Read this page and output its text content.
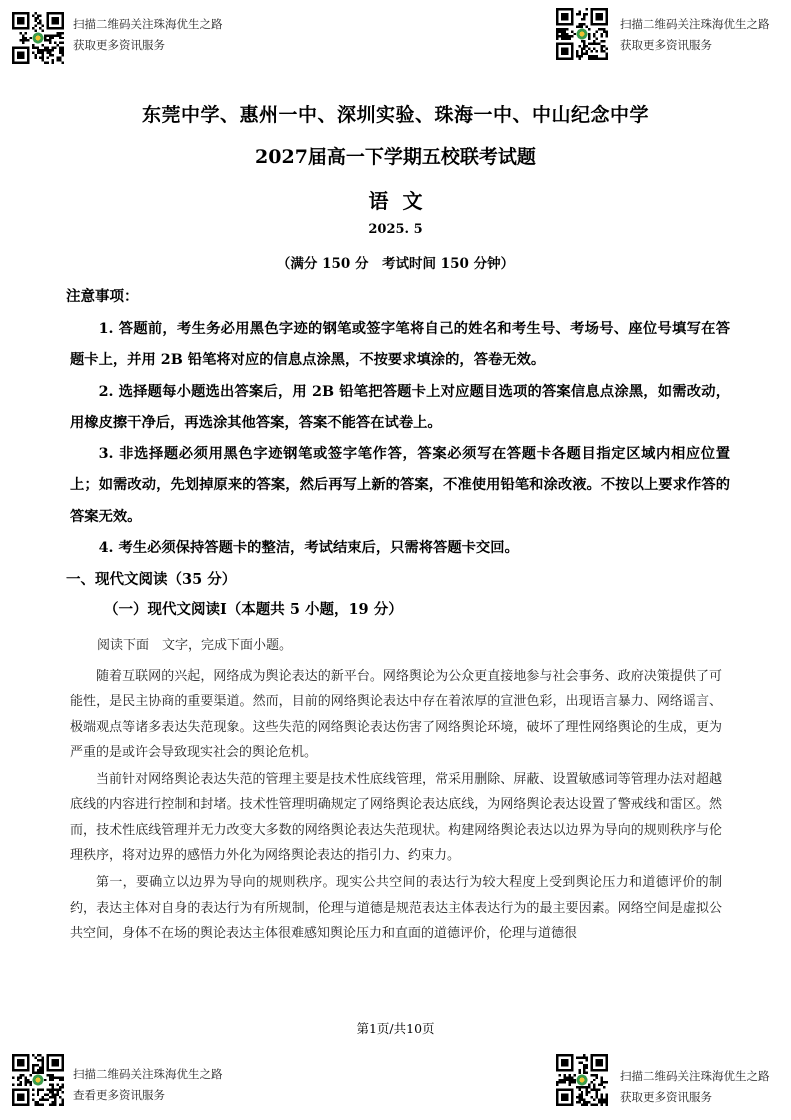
扫描二维码关注珠海优生之路
获取更多资讯服务
扫描二维码关注珠海优生之路
获取更多资讯服务
扫描二维码关注珠海优生之路
查看更多资讯服务
扫描二维码关注珠海优生之路
获取更多资讯服务
东莞中学、惠州一中、深圳实验、珠海一中、中山纪念中学
2027届高一下学期五校联考试题
语文
2025. 5
（满分 150 分　考试时间 150 分钟）
注意事项：

1. 答题前，考生务必用黑色字迹的钢笔或签字笔将自己的姓名和考生号、考场号、座位号填写在答题卡上，并用 2B 铅笔将对应的信息点涂黑，不按要求填涂的，答卷无效。

2. 选择题每小题选出答案后，用 2B 铅笔把答题卡上对应题目选项的答案信息点涂黑，如需改动，用橡皮擦干净后，再选涂其他答案，答案不能答在试卷上。

3. 非选择题必须用黑色字迹钢笔或签字笔作答，答案必须写在答题卡各题目指定区域内相应位置上；如需改动，先划掉原来的答案，然后再写上新的答案，不准使用铅笔和涂改液。不按以上要求作答的答案无效。

4. 考生必须保持答题卡的整洁，考试结束后，只需将答题卡交回。

一、现代文阅读（35 分）
（一）现代文阅读Ⅰ（本题共 5 小题，19 分）
阅读下面　文字，完成下面小题。

随着互联网的兴起，网络成为舆论表达的新平台。网络舆论为公众更直接地参与社会事务、政府决策提供了可能性，是民主协商的重要渠道。然而，目前的网络舆论表达中存在着浓厚的宣泄色彩，出现语言暴力、网络谣言、极端观点等诸多表达失范现象。这些失范的网络舆论表达伤害了网络舆论环境，破坏了理性网络舆论的生成，更为严重的是或许会导致现实社会的舆论危机。

当前针对网络舆论表达失范的管理主要是技术性底线管理，常采用删除、屏蔽、设置敏感词等管理办法对超越底线的内容进行控制和封堵。技术性管理明确规定了网络舆论表达底线，为网络舆论表达设置了警戒线和雷区。然而，技术性底线管理并无力改变大多数的网络舆论表达失范现状。构建网络舆论表达以边界为导向的规则秩序与伦理秩序，将对边界的感悟力外化为网络舆论表达的指引力、约束力。

第一，要确立以边界为导向的规则秩序。现实公共空间的表达行为较大程度上受到舆论压力和道德评价的制约，表达主体对自身的表达行为有所规制，伦理与道德是规范表达主体表达行为的最主要因素。网络空间是虚拟公共空间，身体不在场的舆论表达主体很难感知舆论压力和直面的道德评价，伦理与道德很

第1页/共10页
